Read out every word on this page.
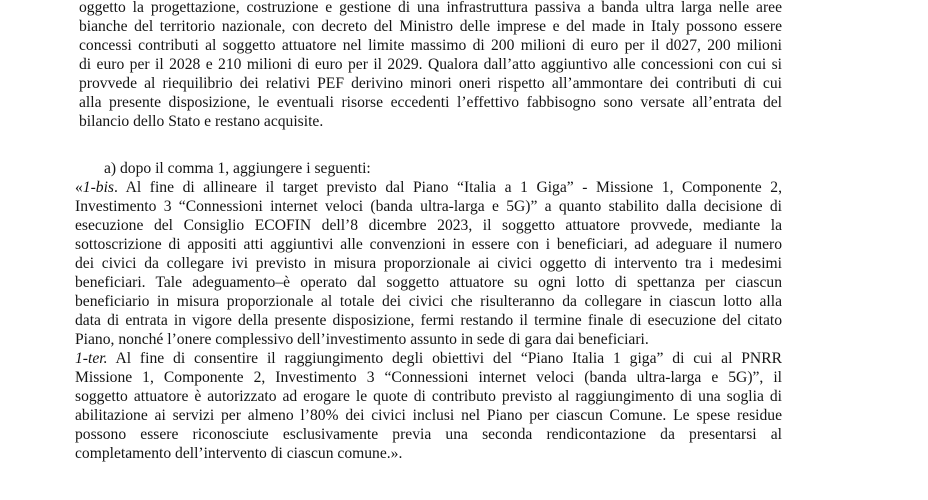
oggetto la progettazione, costruzione e gestione di una infrastruttura passiva a banda ultra larga nelle aree
bianche del territorio nazionale, con decreto del Ministro delle imprese e del made in Italy possono essere
concessi contributi al soggetto attuatore nel limite massimo di 200 milioni di euro per il d027, 200 milioni
di euro per il 2028 e 210 milioni di euro per il 2029. Qualora dall’atto aggiuntivo alle concessioni con cui si
provvede al riequilibrio dei relativi PEF derivino minori oneri rispetto all’ammontare dei contributi di cui
alla presente disposizione, le eventuali risorse eccedenti l’effettivo fabbisogno sono versate all’entrata del
bilancio dello Stato e restano acquisite.
a) dopo il comma 1, aggiungere i seguenti:
«1-bis. Al fine di allineare il target previsto dal Piano “Italia a 1 Giga” - Missione 1, Componente 2,
Investimento 3 “Connessioni internet veloci (banda ultra-larga e 5G)” a quanto stabilito dalla decisione di
esecuzione del Consiglio ECOFIN dell’8 dicembre 2023, il soggetto attuatore provvede, mediante la
sottoscrizione di appositi atti aggiuntivi alle convenzioni in essere con i beneficiari, ad adeguare il numero
dei civici da collegare ivi previsto in misura proporzionale ai civici oggetto di intervento tra i medesimi
beneficiari. Tale adeguamento–è operato dal soggetto attuatore su ogni lotto di spettanza per ciascun
beneficiario in misura proporzionale al totale dei civici che risulteranno da collegare in ciascun lotto alla
data di entrata in vigore della presente disposizione, fermi restando il termine finale di esecuzione del citato
Piano, nonché l’onere complessivo dell’investimento assunto in sede di gara dai beneficiari.
1-ter. Al fine di consentire il raggiungimento degli obiettivi del “Piano Italia 1 giga” di cui al PNRR
Missione 1, Componente 2, Investimento 3 “Connessioni internet veloci (banda ultra-larga e 5G)”, il
soggetto attuatore è autorizzato ad erogare le quote di contributo previsto al raggiungimento di una soglia di
abilitazione ai servizi per almeno l’80% dei civici inclusi nel Piano per ciascun Comune. Le spese residue
possono essere riconosciute esclusivamente previa una seconda rendicontazione da presentarsi al
completamento dell’intervento di ciascun comune.».
